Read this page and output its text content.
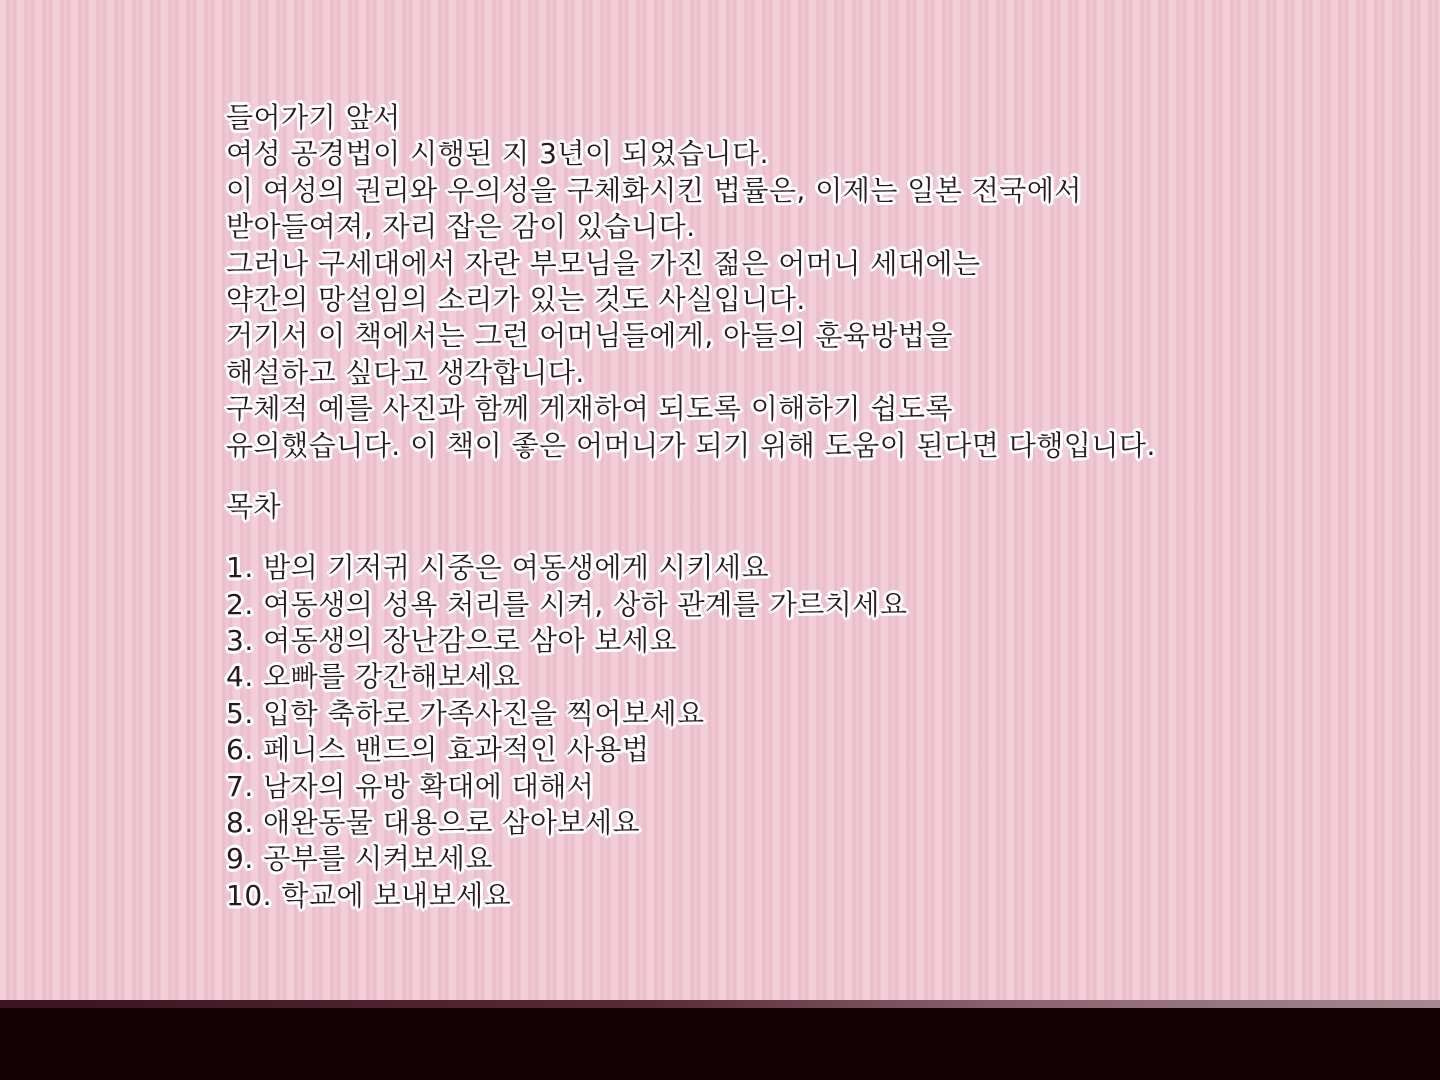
들어가기 앞서
여성 공경법이 시행된 지 3년이 되었습니다.
이 여성의 권리와 우의성을 구체화시킨 법률은, 이제는 일본 전국에서
받아들여져, 자리 잡은 감이 있습니다.
그러나 구세대에서 자란 부모님을 가진 젊은 어머니 세대에는
약간의 망설임의 소리가 있는 것도 사실입니다.
거기서 이 책에서는 그런 어머님들에게, 아들의 훈육방법을
해설하고 싶다고 생각합니다.
구체적 예를 사진과 함께 게재하여 되도록 이해하기 쉽도록
유의했습니다. 이 책이 좋은 어머니가 되기 위해 도움이 된다면 다행입니다.
목차
1. 밤의 기저귀 시중은 여동생에게 시키세요
2. 여동생의 성욕 처리를 시켜, 상하 관계를 가르치세요
3. 여동생의 장난감으로 삼아 보세요
4. 오빠를 강간해보세요
5. 입학 축하로 가족사진을 찍어보세요
6. 페니스 밴드의 효과적인 사용법
7. 남자의 유방 확대에 대해서
8. 애완동물 대용으로 삼아보세요
9. 공부를 시켜보세요
10. 학교에 보내보세요
